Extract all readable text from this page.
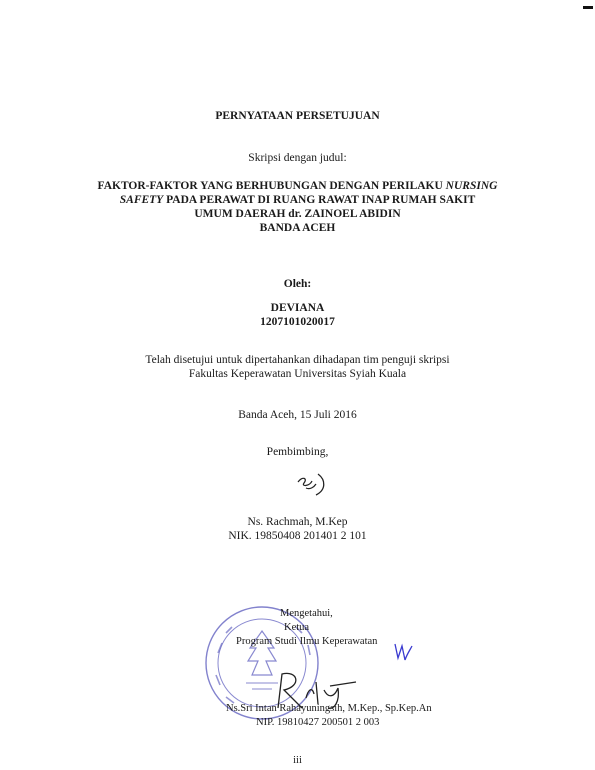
PERNYATAAN PERSETUJUAN
Skripsi dengan judul:
FAKTOR-FAKTOR YANG BERHUBUNGAN DENGAN PERILAKU NURSING
SAFETY PADA PERAWAT DI RUANG RAWAT INAP RUMAH SAKIT
UMUM DAERAH dr. ZAINOEL ABIDIN
BANDA ACEH
Oleh:
DEVIANA
1207101020017
Telah disetujui untuk dipertahankan dihadapan tim penguji skripsi
Fakultas Keperawatan Universitas Syiah Kuala
Banda Aceh, 15 Juli 2016
Pembimbing,
Ns. Rachmah, M.Kep
NIK. 19850408 201401 2 101
Mengetahui,
Ketua
Program Studi Ilmu Keperawatan
Ns.Sri Intan Rahayuningsih, M.Kep., Sp.Kep.An
NIP. 19810427 200501 2 003
iii
